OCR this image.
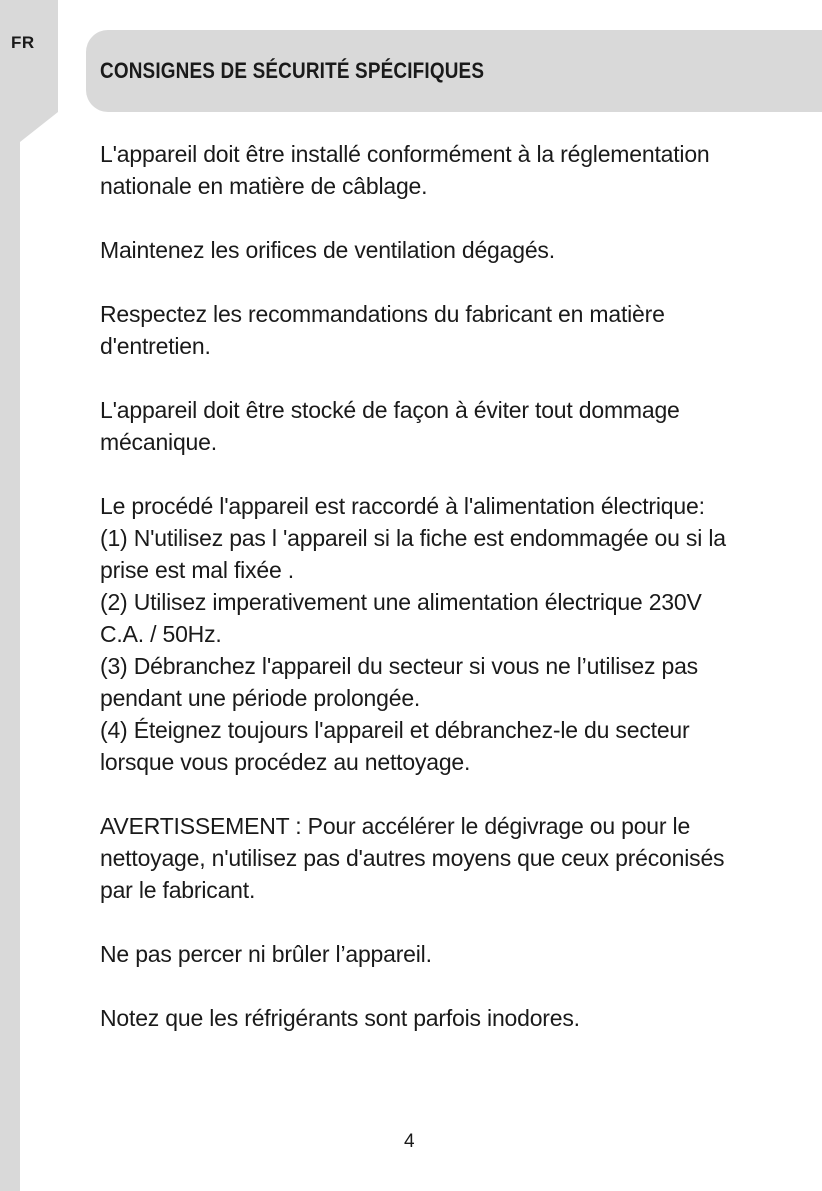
FR
CONSIGNES DE SÉCURITÉ SPÉCIFIQUES

L'appareil doit être installé conformément à la réglementation nationale en matière de câblage.

Maintenez les orifices de ventilation dégagés.

Respectez les recommandations du fabricant en matière d'entretien.

L'appareil doit être stocké de façon à éviter tout dommage mécanique.

Le procédé l'appareil est raccordé à l'alimentation électrique:

(1) N'utilisez pas l 'appareil si la fiche est endommagée ou si la prise est mal fixée .

(2) Utilisez imperativement une alimentation électrique 230V C.A. / 50Hz.

(3) Débranchez l'appareil du secteur si vous ne l’utilisez pas pendant une période prolongée.

(4) Éteignez toujours l'appareil et débranchez-le du secteur lorsque vous procédez au nettoyage.

AVERTISSEMENT : Pour accélérer le dégivrage ou pour le nettoyage, n'utilisez pas d'autres moyens que ceux préconisés par le fabricant.

Ne pas percer ni brûler l’appareil.

Notez que les réfrigérants sont parfois inodores.

4
